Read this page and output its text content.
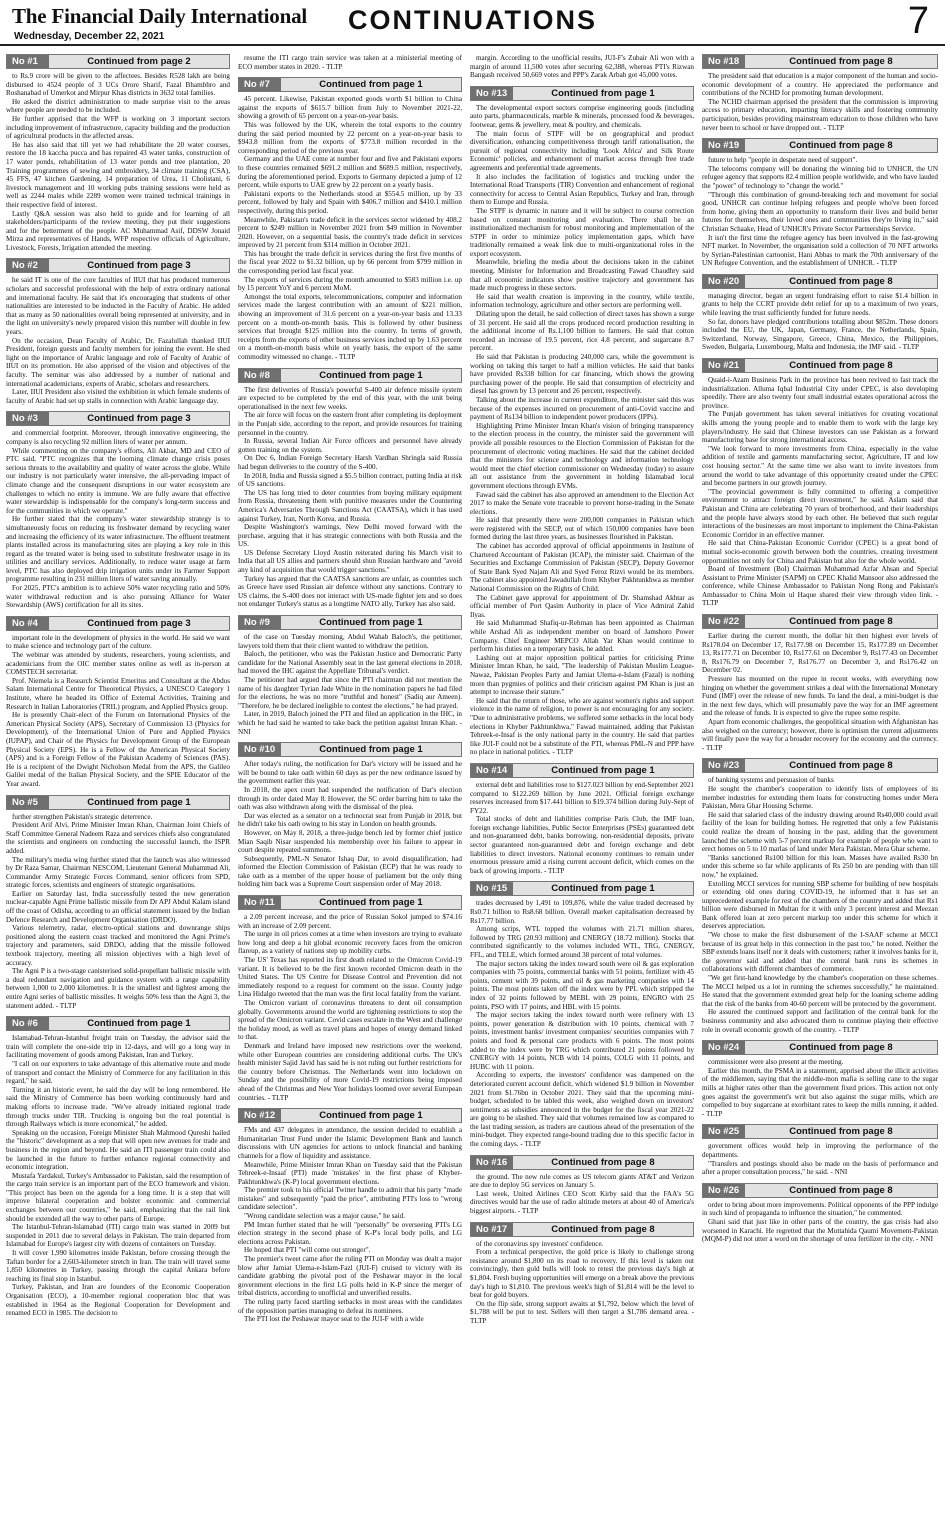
The Financial Daily International
Wednesday, December 22, 2021
CONTINUATIONS	7
No #1	Continued from page 2

to Rs.9 crore will be given to the affectees. Besides R528 lakh are being disbursed to 4524 people of 3 UCs Orore Sharif, Fazal Bhambhro and Roshanabad of Umerkot and Mirpur Khas districts in 3632 total families.

He asked the district administration to made surprise visit to the areas where people are needed to be included.

He further apprised that the WFP is working on 3 important sectors including improvement of infrastructure, capacity building and the production of agricultural products in the affected areas.

He has also said that till yet we had rehabilitate the 20 water courses, restore the 18 kaccha pucca and has repaired 43 water tanks, construction of 17 water ponds, rehabilitation of 13 water ponds and tree plantation, 20 Training programmes of sewing and embroidery, 34 climate training (CSA), 45 FFS, 47 kitchen Gardening, 14 preparation of Urea, 11 Cholistani, 6 livestock management and 10 working pubs training sessions were held as well as 2244 males while 2289 women were trained technical trainings in their respective field of interest.

Lastly Q&A session was also held to guide and for learning of all stakeholders/participants of the review meeting, they put their suggestions and for the betterment of the people. AC Muhammad Asif, DDSW Jonaid Mirza and representatives of Hands, WFP respective officials of Agriculture, Livestock, Forests, Irrigation attended the meeting.

No #2	Continued from page 3

he said IT is one of the core faculties of IIUI that has produced numerous scholars and successful professional with the help of extra ordinary national and international faculty. He said that it's encouraging that students of other nationalities are interested to be inducted in the Faculty of Arabic. He added that as many as 50 nationalities overall being represented at university, and in the light on university's newly prepared vision this number will double in few years.

On the occasion, Dean Faculty of Arabic, Dr. Fazalullah thanked IIUI President, foreign guests and faculty members for joining the event. He shed light on the importance of Arabic language and role of Faculty of Arabic of IIUI on its promotion. He also apprised of the vision and objectives of the faculty. The seminar was also addressed by a number of national and international academicians, experts of Arabic, scholars and researchers.

Later, IIUI President also visited the exhibition in which female students of faculty of Arabic had set up stalls in connection with Arabic language day.

No #3	Continued from page 3

and commercial footprint. Moreover, through innovative engineering, the company is also recycling 92 million liters of water per annum.

While commenting on the company's efforts, Ali Akbar, MD and CEO of PTC said, "PTC recognizes that the looming climate change crisis poses serious threats to the availability and quality of water across the globe. While our industry is not particularly water intensive, the all-pervading impact of climate change and the consequent disruptions in our water ecosystem are challenges to which no entity is immune. We are fully aware that effective water stewardship is indispensable for the company's long-term success and for the communities in which we operate."

He further stated that the company's water stewardship strategy is to simultaneously focus on reducing its freshwater demand by recycling water and increasing the efficiency of its water infrastructure. The effluent treatment plants installed across its manufacturing sites are playing a key role in this regard as the treated water is being used to substitute freshwater usage in its utilities and ancillary services. Additionally, to reduce water usage at farm level, PTC has also deployed drip irrigation units under its Farmer Support programme resulting in 231 million liters of water saving annually.

For 2025, PTC's ambition is to achieve 50% water recycling ratio and 50% water withdrawal reduction and is also pursuing Alliance for Water Stewardship (AWS) certification for all its sites.

No #4	Continued from page 3

important role in the development of physics in the world. He said we want to make science and technology part of the culture.

The webinar was attended by students, researchers, young scientists, and academicians from the OIC member states online as well as in-person at COMSTECH secretariat.

Prof. Niemela is a Research Scientist Emeritus and Consultant at the Abdus Salam International Centre for Theoretical Physics, a UNESCO Category 1 Institute, where he headed its Office of External Activities, Training and Research in Italian Laboratories (TRIL) program, and Applied Physics group.

He is presently Chair-elect of the Forum on International Physics of the American Physical Society (APS), Secretary of Commission 13 (Physics for Development), of the International Union of Pure and Applied Physics (IUPAP), and Chair of the Physics for Development Group of the European Physical Society (EPS). He is a Fellow of the American Physical Society (APS) and is a Foreign Fellow of the Pakistan Academy of Sciences (PAS). He is a recipient of the Dwight Nicholson Medal from the APS, the Galileo Galilei medal of the Italian Physical Society, and the SPIE Educator of the Year award.

No #5	Continued from page 1

further strengthen Pakistan's strategic deterrence.

President Arif Alvi, Prime Minister Imran Khan, Chairman Joint Chiefs of Staff Committee General Nadeem Raza and services chiefs also congratulated the scientists and engineers on conducting the successful launch, the ISPR added.

The military's media wing further stated that the launch was also witnessed by Dr Raza Samar, Chairman NESCOM, Lieutenant General Muhammad Ali, Commander Army Strategic Forces Command, senior officers from SPD, strategic forces, scientists and engineers of strategic organisations.

Earlier on Saturday last, India successfully tested the new generation nuclear-capable Agni Prime ballistic missile from Dr APJ Abdul Kalam island off the coast of Odisha, according to an official statement issued by the Indian Defence Research and Development Organisation (DRDO).

Various telemetry, radar, electro-optical stations and downrange ships positioned along the eastern coast tracked and monitored the Agni Prime's trajectory and parameters, said DRDO, adding that the missile followed textbook trajectory, meeting all mission objectives with a high level of accuracy.

The Agni P is a two-stage canisterised solid-propellant ballistic missile with a dual redundant navigation and guidance system with a range capability between 1,000 to 2,000 kilometres. It is the smallest and lightest among the entire Agni series of ballistic missiles. It weighs 50% less than the Agni 3, the statement added. - TLTP

No #6	Continued from page 1

Islamabad-Tehran-Istanbul freight train on Tuesday, the advisor said the train will complete the one-side trip in 12-days, and will go a long way in facilitating movement of goods among Pakistan, Iran and Turkey.

"I call on our exporters to take advantage of this alternative route and mode of transport and contact the Ministry of Commerce for any facilitation in this regard," he said.

Turning it an historic event, he said the day will be long remembered. He said the Ministry of Commerce has been working continuously hard and making efforts to increase trade. "We've already initiated regional trade through trucks under TIR. Trucking is ongoing but the real potential is through Railways which is more economical," he added.

Speaking on the occasion, Foreign Minister Shah Mahmood Qureshi hailed the "historic" development as a step that will open new avenues for trade and business in the region and beyond. He said an ITI passenger train could also be launched in the future to further enhance regional connectivity and economic integration.

Mustafa Yardakul, Turkey's Ambassador to Pakistan, said the resumption of the cargo train service is an important part of the ECO framework and vision. "This project has been on the agenda for a long time. It is a step that will improve bilateral cooperation and bolster economic and commercial exchanges between our countries," he said, emphasizing that the rail link should be extended all the way to other parts of Europe.

The Istanbul-Tehran-Islamabad (ITI) cargo train was started in 2009 but suspended in 2011 due to several delays in Pakistan. The train departed from Islamabad for Europe's largest city with dozens of containers on Tuesday.

It will cover 1,990 kilometres inside Pakistan, before crossing through the Taftan border for a 2,603-kilometer stretch in Iran. The train will travel some 1,850 kilometres in Turkey, passing through the capital Ankara before reaching its final stop in Istanbul.

Turkey, Pakistan, and Iran are founders of the Economic Cooperation Organisation (ECO), a 10-member regional cooperation bloc that was established in 1964 as the Regional Cooperation for Development and renamed ECO in 1985. The decision to

resume the ITI cargo train service was taken at a ministerial meeting of ECO member states in 2020. - TLTP

No #7	Continued from page 1

45 percent. Likewise, Pakistan exported goods worth $1 billion to China against the exports of $615.7 billion from July to November 2021-22, showing a growth of 65 percent on a year-on-year basis.

This was followed by the UK, wherein the total exports to the country during the said period mounted by 22 percent on a year-on-year basis to $943.8 million from the exports of $773.8 million recorded in the corresponding period of the previous year.

Germany and the UAE come at number four and five and Pakistani exports to these countries remained $691.2 million and $689.5 million, respectively, during the aforementioned period. Exports to Germany depicted a jump of 12 percent, while exports to UAE grew by 22 percent on a yearly basis.

Pakistani exports to the Netherlands stood at $554.5 million, up by 33 percent, followed by Italy and Spain with $406.7 million and $410.1 million respectively, during this period.

Meanwhile, Pakistan's trade deficit in the services sector widened by 408.2 percent to $249 million in November 2021 from $49 million in November 2020. However, on a sequential basis, the country's trade deficit in services improved by 21 percent from $314 million in October 2021.

This has brought the trade deficit in services during the first five months of the fiscal year 2022 to $1.32 billion, up by 66 percent from $799 million in the corresponding period last fiscal year.

The exports of services during the month amounted to $583 million i.e. up by 15 percent YoY and 6 percent MoM.

Amongst the total exports, telecommunications, computer and information services made the largest contribution with an amount of $221 million, showing an improvement of 31.6 percent on a year-on-year basis and 13.33 percent on a month-on-month basis. This is followed by other business services that brought $125 million into the country. In terms of growth, receipts from the exports of other business services inched up by 1.63 percent on a month-on-month basis while on yearly basis, the export of the same commodity witnessed no change. - TLTP

No #8	Continued from page 1

The first deliveries of Russia's powerful S-400 air defence missile system are expected to be completed by the end of this year, with the unit being operationalised in the next few weeks.

The air force will focus on the eastern front after completing its deployment in the Punjab side, according to the report, and provide resources for training personnel in the country.

In Russia, several Indian Air Force officers and personnel have already gotten training on the system.

On Dec 6, Indian Foreign Secretary Harsh Vardhan Shringla said Russia had begun deliveries to the country of the S-400.

In 2018, India and Russia signed a $5.5 billion contract, putting India at risk of US sanctions.

The US has long tried to deter countries from buying military equipment from Russia, threatening them with punitive measures under the Countering America's Adversaries Through Sanctions Act (CAATSA), which it has used against Turkey, Iran, North Korea, and Russia.

Despite Washington's warnings, New Delhi moved forward with the purchase, arguing that it has strategic connections with both Russia and the US.

US Defense Secretary Lloyd Austin reiterated during his March visit to India that all US allies and partners should shun Russian hardware and "avoid any kind of acquisition that would trigger sanctions."

Turkey has argued that the CAATSA sanctions are unfair, as countries such as Greece have used Russian air defence without any sanctions. Contrary to US claims, the S-400 does not interact with US-made fighter jets and so does not endanger Turkey's status as a longtime NATO ally, Turkey has also said.

No #9	Continued from page 1

of the case on Tuesday morning, Abdul Wahab Baloch's, the petitioner, lawyers told them that their client wanted to withdraw the petition.

Baloch, the petitioner, who was the Pakistan Justice and Democratic Party candidate for the National Assembly seat in the last general elections in 2018, had moved the IHC against the Appellate Tribunal's verdict.

The petitioner had argued that since the PTI chairman did not mention the name of his daughter Tyrian Jade White in the nomination papers he had filed for the elections, he was no more "truthful and honest" (Sadiq aur Ameen). "Therefore, he be declared ineligible to contest the elections," he had prayed.

Later, in 2019, Baloch joined the PTI and filed an application in the IHC, in which he had said he wanted to take back the petition against Imran Khan. - NNI

No #10	Continued from page 1

After today's ruling, the notification for Dar's victory will be issued and he will be bound to take oath within 60 days as per the new ordinance issued by the government earlier this year.

In 2018, the apex court had suspended the notification of Dar's election through its order dated May 8. However, the SC order barring him to take the oath was also withdrawn along with the dismissal of the plea.

Dar was elected as a senator on a technocrat seat from Punjab in 2018, but he didn't take his oath owing to his stay in London on health grounds.

However, on May 8, 2018, a three-judge bench led by former chief justice Mian Saqib Nisar suspended his membership over his failure to appear in court despite repeated summons.

Subsequently, PML-N Senator Ishaq Dar, to avoid disqualification, had informed the Election Commission of Pakistan (ECP) that he was ready to take oath as a member of the upper house of parliament but the only thing holding him back was a Supreme Court suspension order of May 2018.

No #11	Continued from page 1

a 2.09 percent increase, and the price of Russian Sokol jumped to $74.16 with an increase of 2.09 percent.

The surge in oil prices comes at a time when investors are trying to evaluate how long and deep a hit global economic recovery faces from the omicron flareup, as a variety of nations step up mobility curbs.

The US' Texas has reported its first death related to the Omicron Covid-19 variant. It is believed to be the first known recorded Omicron death in the United States. The US Centre for Disease Control and Prevention did not immediately respond to a request for comment on the issue. County judge Lina Hidalgo tweeted that the man was the first local fatality from the variant.

The Omicron variant of coronavirus threatens to dent oil consumption globally. Governments around the world are tightening restrictions to stop the spread of the Omicron variant. Covid cases escalate in the West and challenge the holiday mood, as well as travel plans and hopes of energy demand linked to that.

Denmark and Ireland have imposed new restrictions over the weekend, while other European countries are considering additional curbs. The UK's health minister Sajid Javid has said he is not ruling out further restrictions for the country before Christmas. The Netherlands went into lockdown on Sunday and the possibility of more Covid-19 restrictions being imposed ahead of the Christmas and New Year holidays loomed over several European countries. - TLTP

No #12	Continued from page 1

FMs and 437 delegates in attendance, the session decided to establish a Humanitarian Trust Fund under the Islamic Development Bank and launch discussions with UN agencies for actions to unlock financial and banking channels for a flow of liquidity and assistance.

Meanwhile, Prime Minister Imran Khan on Tuesday said that the Pakistan Tehreek-e-Insaaf (PTI) made 'mistakes' in the first phase of Khyber-Pakhtunkhwa's (K-P) local government elections.

The premier took to his official Twitter handle to admit that his party "made mistakes" and subsequently "paid the price", attributing PTI's loss to "wrong candidate selection".

"Wrong candidate selection was a major cause," he said.

PM Imran further stated that he will "personally" be overseeing PTI's LG election strategy in the second phase of K-P's local body polls, and LG elections across Pakistan.

He hoped that PTI "will come out stronger".

The premier's tweet came after the ruling PTI on Monday was dealt a major blow after Jamiat Ulema-e-Islam-Fazl (JUI-F) cruised to victory with its candidate grabbing the pivotal post of the Peshawar mayor in the local government elections in the first LG polls held in K-P since the merger of tribal districts, according to unofficial and unverified results.

The ruling party faced startling setbacks in most areas with the candidates of the opposition parties managing to defeat its nominees.

The PTI lost the Peshawar mayor seat to the JUI-F with a wide

margin. According to the unofficial results, JUI-F's Zubair Ali won with a margin of around 11,500 votes after securing 62,388, whereas PTI's Rizwan Bangash received 50,669 votes and PPP's Zarak Arbab got 45,000 votes.

No #13	Continued from page 1

The developmental export sectors comprise engineering goods (including auto parts, pharmaceuticals, marble & minerals, processed food & beverages, footwear, gems & jewellery, meat & poultry, and chemicals.

The main focus of STPF will be on geographical and product diversification, enhancing competitiveness through tariff rationalisation, the pursuit of regional connectivity including 'Look Africa' and Silk Route Economic' policies, and enhancement of market access through free trade agreements and preferential trade agreements.

It also includes the facilitation of logistics and trucking under the International Road Transports (TIR) Convention and enhancement of regional connectivity for access to Central Asian Republics, Turkey and Iran, through them to Europe and Russia.

The STPF is dynamic in nature and it will be subject to course correction based on constant monitoring and evaluation. There shall be an institutionalized mechanism for robust monitoring and implementation of the STPF in order to minimize policy implementation gaps, which have traditionally remained a weak link due to multi-organizational roles in the export ecosystem.

Meanwhile, briefing the media about the decisions taken in the cabinet meeting, Minister for Information and Broadcasting Fawad Chaudhry said that all economic indicators show positive trajectory and government has made much progress in these sectors.

He said that wealth creation is improving in the country, while textile, information technology, agriculture and other sectors are performing well.

Dilating upon the detail, he said collection of direct taxes has shown a surge of 31 percent. He said all the crops produced record production resulting in the additional income of Rs.1,100 billion to farmers. He said that cotton recorded an increase of 19.5 percent, rice 4.8 percent, and sugarcane 8.7 percent.

He said that Pakistan is producing 240,000 cars, while the government is working on taking this target to half a million vehicles. He said that banks have provided Rs338 billion for car financing, which shows the growing purchasing power of the people. He said that consumption of electricity and diesel has grown by 13 percent and 26 percent, respectively.

Talking about the increase in current expenditure, the minister said this was because of the expenses incurred on procurement of anti-Covid vaccine and payment of Rs134 billion to independent power producers (IPPs).

Highlighting Prime Minister Imran Khan's vision of bringing transparency to the election process in the country, the minister said the government will provide all possible resources to the Election Commission of Pakistan for the procurement of electronic voting machines. He said that the cabinet decided that the ministers for science and technology and information technology would meet the chief election commissioner on Wednesday (today) to assure all out assistance from the government in holding Islamabad local government elections through EVMs.

Fawad said the cabinet has also approved an amendment to the Election Act 2017 to make the Senate vote traceable to prevent horse-trading in the Senate elections.

He said that presently there were 200,000 companies in Pakistan which were registered with the SECP, out of which 150,000 companies have been formed during the last three years, as businesses flourished in Pakistan.

The cabinet has accorded approval of official appointments in Institute of Chartered Accountant of Pakistan (ICAP), the minister said. Chairman of the Securities and Exchange Commission of Pakistan (SECP), Deputy Governor of State Bank Syed Najam Ali and Syed Feroz Rizvi would be its members. The cabinet also appointed Jawadullah from Khyber Pakhtunkhwa as member National Commission on the Rights of Child.

The Cabinet gave approval for appointment of Dr. Shamshad Akhtar as official member of Port Qasim Authority in place of Vice Admiral Zahid Ilyas.

He said Muhammad Shafiq-ur-Rehman has been appointed as Chairman while Arshad Ali as independent member on board of Jamshoro Power Company. Chief Engineer MEPCO Allah Yar Khan would continue to perform his duties on a temporary basis, he added.

Lashing out at major opposition political parties for criticising Prime Minister Imran Khan, he said, "The leadership of Pakistan Muslim League-Nawaz, Pakistan Peoples Party and Jamiat Ulema-e-Islam (Fazal) is nothing more than pygmies of politics and their criticism against PM Khan is just an attempt to increase their stature."

He said that the return of those, who are against women's rights and support violence in the name of religion, to power is not encouraging for any society. "Due to administrative problems, we suffered some setbacks in the local body elections in Khyber Pakhtunkhwa," Fawad maintained, adding that Pakistan Tehreek-e-Insaf is the only national party in the country. He said that parties like JUI-F could not be a substitute of the PTI, whereas PML-N and PPP have no place in national politics. - TLTP

No #14	Continued from page 1

external debt and liabilities rose to $127.023 billion by end-September 2021 compared to $122.269 billion by June 2021. Official foreign exchange reserves increased from $17.441 billion to $19.374 billion during July-Sept of FY22.

Total stocks of debt and liabilities comprise Paris Club, the IMF loan, foreign exchange liabilities, Public Sector Enterprises (PSEs) guaranteed debt and non-guaranteed debt, banks borrowing, non-residential deposits, private sector guaranteed non-guaranteed debt and foreign exchange and debt liabilities to direct investors. National economy continues to remain under enormous pressure amid a rising current account deficit, which comes on the back of growing imports. - TLTP

No #15	Continued from page 1

trades decreased by 1,491 to 109,876, while the value traded decreased by Rs0.71 billion to Rs8.68 billion. Overall market capitalisation decreased by Rs17.77 billion.

Among scrips, WTL topped the volumes with 21.71 million shares, followed by TRG (20.93 million) and CNERGY (18.72 million). Stocks that contributed significantly to the volumes included WTL, TRG, CNERGY, FFL, and TELE, which formed around 38 percent of total volumes.

The major sectors taking the index toward south were oil & gas exploration companies with 75 points, commercial banks with 51 points, fertilizer with 45 points, cement with 39 points, and oil & gas marketing companies with 14 points. The most points taken off the index were by PPL which stripped the index of 32 points followed by MEBL with 29 points, ENGRO with 25 points, PSO with 17 points, and HBL with 15 points.

The major sectors taking the index toward north were refinery with 13 points, power generation & distribution with 10 points, chemical with 7 points, investment banks/ investment companies/ securities companies with 7 points and food & personal care products with 6 points. The most points added to the index were by TRG which contributed 21 points followed by CNERGY with 14 points, NCB with 14 points, COLG with 11 points, and HUBC with 11 points.

According to experts, the investors' confidence was dampened on the deteriorated current account deficit, which widened $1.9 billion in November 2021 from $1.76bn in October 2021. They said that the upcoming mini-budget, scheduled to be tabled this week, also weighed down on investors' sentiments as subsidies announced in the budget for the fiscal year 2021-22 are going to be slashed. They said that volumes remained low as compared to the last trading session, as traders are cautious ahead of the presentation of the mini-budget. They expected range-bound trading due to this specific factor in the coming days. - TLTP

No #16	Continued from page 8

the ground. The new rule comes as US telecom giants AT&T and Verizon are due to deploy 5G services on January 5.

Last week, United Airlines CEO Scott Kirby said that the FAA's 5G directives would bar the use of radio altitude meters at about 40 of America's biggest airports. - TLTP

No #17	Continued from page 8

of the coronavirus spy investors' confidence.

From a technical perspective, the gold price is likely to challenge strong resistance around $1,800 on its road to recovery. If this level is taken out convincingly, then gold bulls will look to retest the previous day's high at $1,804. Fresh buying opportunities will emerge on a break above the previous day's high to $1,810. The previous week's high of $1,814 will be the level to beat for gold buyers.

On the flip side, strong support awaits at $1,792, below which the level of $1,788 will be put to test. Sellers will then target a $1,786 demand area. - TLTP

No #18	Continued from page 8

The president said that education is a major component of the human and socio-economic development of a country. He appreciated the performance and contributions of the NCHD for promoting human development.

The NCHD chairman apprised the president that the commission is improving access to primary education, imparting literacy skills and fostering community participation, besides providing mainstream education to those children who have never been to school or have dropped out. - TLTP

No #19	Continued from page 8

future to help "people in desperate need of support".

The telecoms company will be donating the winning bid to UNHCR, the UN refugee agency that supports 82.4 million people worldwide, and who have lauded the "power" of technology to "change the world."

"Through this combination of ground-breaking tech and movement for social good, UNHCR can continue helping refugees and people who've been forced from home, giving them an opportunity to transform their lives and build better futures for themselves, their loved ones and communities they're living in," said Christian Schaake, Head of UNHCR's Private Sector Partnerships Service.

It isn't the first time the refugee agency has been involved in the fast-growing NFT market. In November, the organisation sold a collection of 70 NFT artworks by Syrian-Palestinian cartoonist, Hani Abbas to mark the 70th anniversary of the UN Refugee Convention, and the establishment of UNHCR. - TLTP

No #20	Continued from page 8

managing director, began an urgent fundraising effort to raise $1.4 billion in grants to help the CCRT provide debt relief for up to a maximum of two years, while leaving the trust sufficiently funded for future needs.

So far, donors have pledged contributions totalling about $852m. These donors included the EU, the UK, Japan, Germany, France, the Netherlands, Spain, Switzerland, Norway, Singapore, Greece, China, Mexico, the Philippines, Sweden, Bulgaria, Luxembourg, Malta and Indonesia, the IMF said. - TLTP

No #21	Continued from page 8

Quaid-i-Azam Business Park in the province has been revived to fast track the industrialization. Alluma Iqbal Industrial City under CPEC, is also developing speedily. There are also twenty four small industrial estates operational across the province.

The Punjab government has taken several initiatives for creating vocational skills among the young people and to enable them to work with the large key players/industry. He said that Chinese investors can use Pakistan as a forward manufacturing base for strong international access.

"We look forward to more investments from China, especially in the value addition of textile and garments manufacturing sector, Agriculture, IT and low cost housing sector." At the same time we also want to invite investors from around the world to take advantage of this opportunity created under the CPEC and become partners in our growth journey.

"The provincial government is fully committed to offering a competitive environment to attract foreign direct investment," he said. Aslam said that Pakistan and China are celebrating 70 years of brotherhood, and their leaderships and the people have always stood by each other. He believed that such regular interactions of the businesses are most important to implement the China-Pakistan Economic Corridor in an effective manner.

He said that China-Pakistan Economic Corridor (CPEC) is a great bond of mutual socio-economic growth between both the countries, creating investment opportunities not only for China and Pakistan but also for the whole world.

Board of Investment (BoI) Chairman Muhammad Azfar Ahsan and Special Assistant to Prime Minister (SAPM) on CPEC Khalid Mansoor also addressed the conference, while Chinese Ambassador to Pakistan Nong Rong and Pakistan's Ambassador to China Moin ul Haque shared their view through video link. - TLTP

No #22	Continued from page 8

Earlier during the current month, the dollar hit then highest ever levels of Rs178.04 on December 17, Rs177.98 on December 15, Rs177.89 on December 13, Rs177.71 on December 10, Rs177.61 on December 9, Rs177.43 on December 8, Rs176.79 on December 7, Rs176.77 on December 3, and Rs176.42 on December 02.

Pressure has mounted on the rupee in recent weeks, with everything now hinging on whether the government strikes a deal with the International Monetary Fund (IMF) over the release of new funds. To land the deal, a mini-budget is due in the next few days, which will presumably pave the way for an IMF agreement and the release of funds. It is expected to give the rupee some respite.

Apart from economic challenges, the geopolitical situation with Afghanistan has also weighed on the currency; however, there is optimism the current adjustments will finally pave the way for a broader recovery for the economy and the currency. - TLTP

No #23	Continued from page 8

of banking systems and persuasion of banks

He sought the chamber's cooperation to identify lists of employees of its member industries for extending them loans for constructing homes under Mera Pakistan, Mera Ghar Housing Scheme.

He said that salaried class of the industry drawing around Rs40,000 could avail facility of the loan for building homes. He regretted that only a few Pakistanis could realize the dream of housing in the past, adding that the government launched the scheme with 5-7 percent markup for example of people who want to erect homes on 5 to 10 marlas of land under Mera Pakistan, Mera Ghar scheme.

"Banks sanctioned Rs100 billion for this loan. Masses have availed Rs30 bn under this scheme so far while applicants of Rs 250 bn are pending with than till now," he explained.

Extolling MCCI services for running SBP scheme for building of new hospitals or extending old ones during COVID-19, he informed that it has set an unprecedented example for rest of the chambers of the country and added that Rs1 billion were disbursed in Multan for it with only 3 percent interest and Meezan Bank offered loan at zero percent markup too under this scheme for which it deserves appreciation.

"We chose to make the first disbursement of the I-SAAF scheme at MCCI because of its great help in this connection in the past too," he noted. Neither the SBP extends loans itself nor it deals with customers; rather it involves banks for it, the governor said and added that the central bank runs its schemes in collaborations with different chambers of commerce.

"We get first-hand knowledge by the chamber's cooperation on these schemes. The MCCI helped us a lot in running the schemes successfully," he maintained. He stated that the government extended great help for the loaning scheme adding that the risk of the banks from 40-60 percent will be protected by the government.

He assured the continued support and facilitation of the central bank for the business community and also advocated them to continue playing their effective role in overall economic growth of the country. - TLTP

No #24	Continued from page 8

commissioner were also present at the meeting.

Earlier this month, the PSMA in a statement, apprised about the illicit activities of the middlemen, saying that the middle-mon mafia is selling cane to the sugar mills at higher rates other than the government fixed prices. This action not only goes against the government's writ but also against the sugar mills, which are compelled to buy sugarcane at exorbitant rates to keep the mills running, it added. - TLTP

No #25	Continued from page 8

government offices would help in improving the performance of the departments.

"Transfers and postings should also be made on the basis of performance and after a proper consultation process," he said. - NNI

No #26	Continued from page 8

order to bring about more improvements. Political opponents of the PPP indulge in such kind of propaganda to influence the situation," he commented.

Ghani said that just like in other parts of the country, the gas crisis had also worsened in Karachi. He regretted that the Muttahida Qaumi Movement-Pakistan (MQM-P) did not utter a word on the shortage of urea fertilizer in the city. - NNI
